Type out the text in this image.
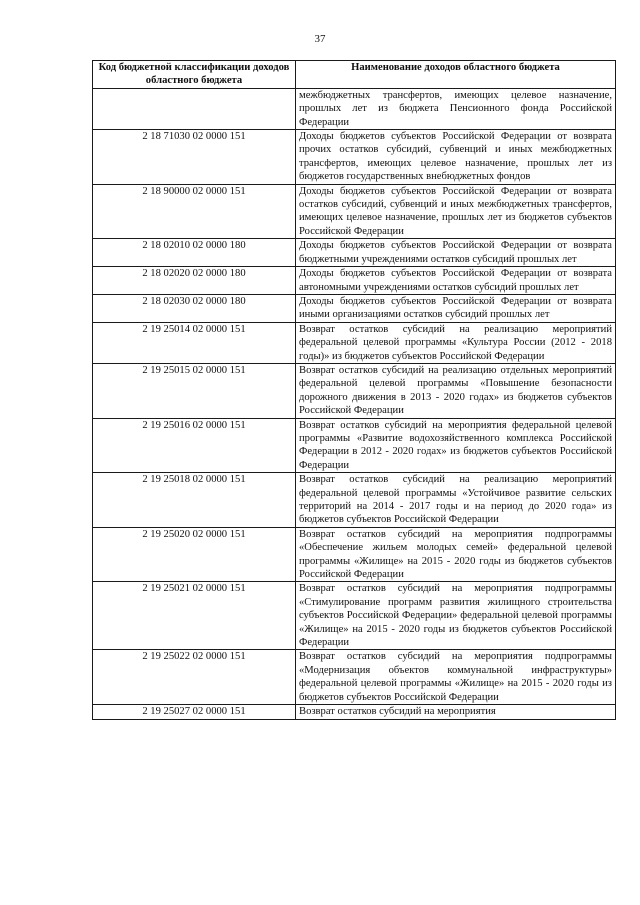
37
Код бюджетной классификации доходов областного бюджета	Наименование доходов областного бюджета
	межбюджетных трансфертов, имеющих целевое назначение, прошлых лет из бюджета Пенсионного фонда Российской Федерации
2 18 71030 02 0000 151	Доходы бюджетов субъектов Российской Федерации от возврата прочих остатков субсидий, субвенций и иных межбюджетных трансфертов, имеющих целевое назначение, прошлых лет из бюджетов государственных внебюджетных фондов
2 18 90000 02 0000 151	Доходы бюджетов субъектов Российской Федерации от возврата остатков субсидий, субвенций и иных межбюджетных трансфертов, имеющих целевое назначение, прошлых лет из бюджетов субъектов Российской Федерации
2 18 02010 02 0000 180	Доходы бюджетов субъектов Российской Федерации от возврата бюджетными учреждениями остатков субсидий прошлых лет
2 18 02020 02 0000 180	Доходы бюджетов субъектов Российской Федерации от возврата автономными учреждениями остатков субсидий прошлых лет
2 18 02030 02 0000 180	Доходы бюджетов субъектов Российской Федерации от возврата иными организациями остатков субсидий прошлых лет
2 19 25014 02 0000 151	Возврат остатков субсидий на реализацию мероприятий федеральной целевой программы «Культура России (2012 - 2018 годы)» из бюджетов субъектов Российской Федерации
2 19 25015 02 0000 151	Возврат остатков субсидий на реализацию отдельных мероприятий федеральной целевой программы «Повышение безопасности дорожного движения в 2013 - 2020 годах» из бюджетов субъектов Российской Федерации
2 19 25016 02 0000 151	Возврат остатков субсидий на мероприятия федеральной целевой программы «Развитие водохозяйственного комплекса Российской Федерации в 2012 - 2020 годах» из бюджетов субъектов Российской Федерации
2 19 25018 02 0000 151	Возврат остатков субсидий на реализацию мероприятий федеральной целевой программы «Устойчивое развитие сельских территорий на 2014 - 2017 годы и на период до 2020 года» из бюджетов субъектов Российской Федерации
2 19 25020 02 0000 151	Возврат остатков субсидий на мероприятия подпрограммы «Обеспечение жильем молодых семей» федеральной целевой программы «Жилище» на 2015 - 2020 годы из бюджетов субъектов Российской Федерации
2 19 25021 02 0000 151	Возврат остатков субсидий на мероприятия подпрограммы «Стимулирование программ развития жилищного строительства субъектов Российской Федерации» федеральной целевой программы «Жилище» на 2015 - 2020 годы из бюджетов субъектов Российской Федерации
2 19 25022 02 0000 151	Возврат остатков субсидий на мероприятия подпрограммы «Модернизация объектов коммунальной инфраструктуры» федеральной целевой программы «Жилище» на 2015 - 2020 годы из бюджетов субъектов Российской Федерации
2 19 25027 02 0000 151	Возврат остатков субсидий на мероприятия
